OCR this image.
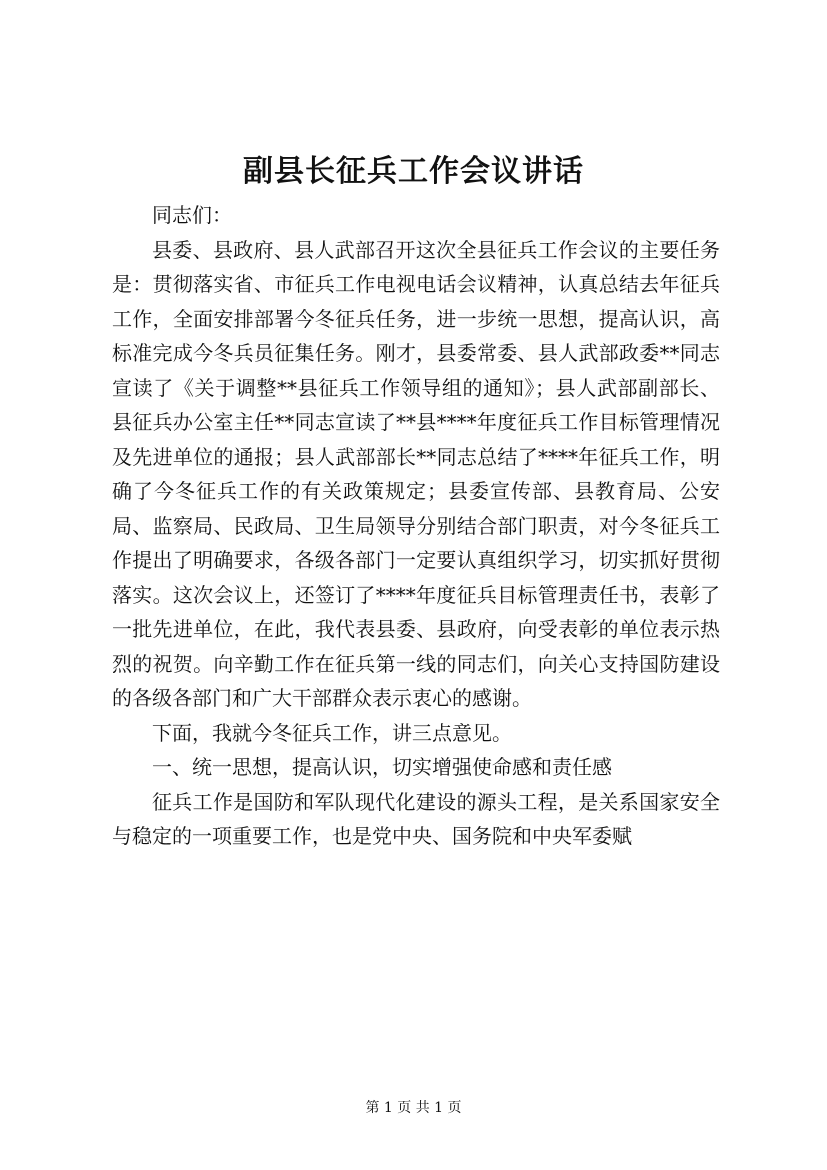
副县长征兵工作会议讲话

同志们：

县委、县政府、县人武部召开这次全县征兵工作会议的主要任务是：贯彻落实省、市征兵工作电视电话会议精神，认真总结去年征兵工作，全面安排部署今冬征兵任务，进一步统一思想，提高认识，高标准完成今冬兵员征集任务。刚才，县委常委、县人武部政委**同志宣读了《关于调整**县征兵工作领导组的通知》；县人武部副部长、县征兵办公室主任**同志宣读了**县****年度征兵工作目标管理情况及先进单位的通报；县人武部部长**同志总结了****年征兵工作，明确了今冬征兵工作的有关政策规定；县委宣传部、县教育局、公安局、监察局、民政局、卫生局领导分别结合部门职责，对今冬征兵工作提出了明确要求，各级各部门一定要认真组织学习，切实抓好贯彻落实。这次会议上，还签订了****年度征兵目标管理责任书，表彰了一批先进单位，在此，我代表县委、县政府，向受表彰的单位表示热烈的祝贺。向辛勤工作在征兵第一线的同志们，向关心支持国防建设的各级各部门和广大干部群众表示衷心的感谢。

下面，我就今冬征兵工作，讲三点意见。

一、统一思想，提高认识，切实增强使命感和责任感

征兵工作是国防和军队现代化建设的源头工程，是关系国家安全与稳定的一项重要工作，也是党中央、国务院和中央军委赋

第 1 页 共 1 页
